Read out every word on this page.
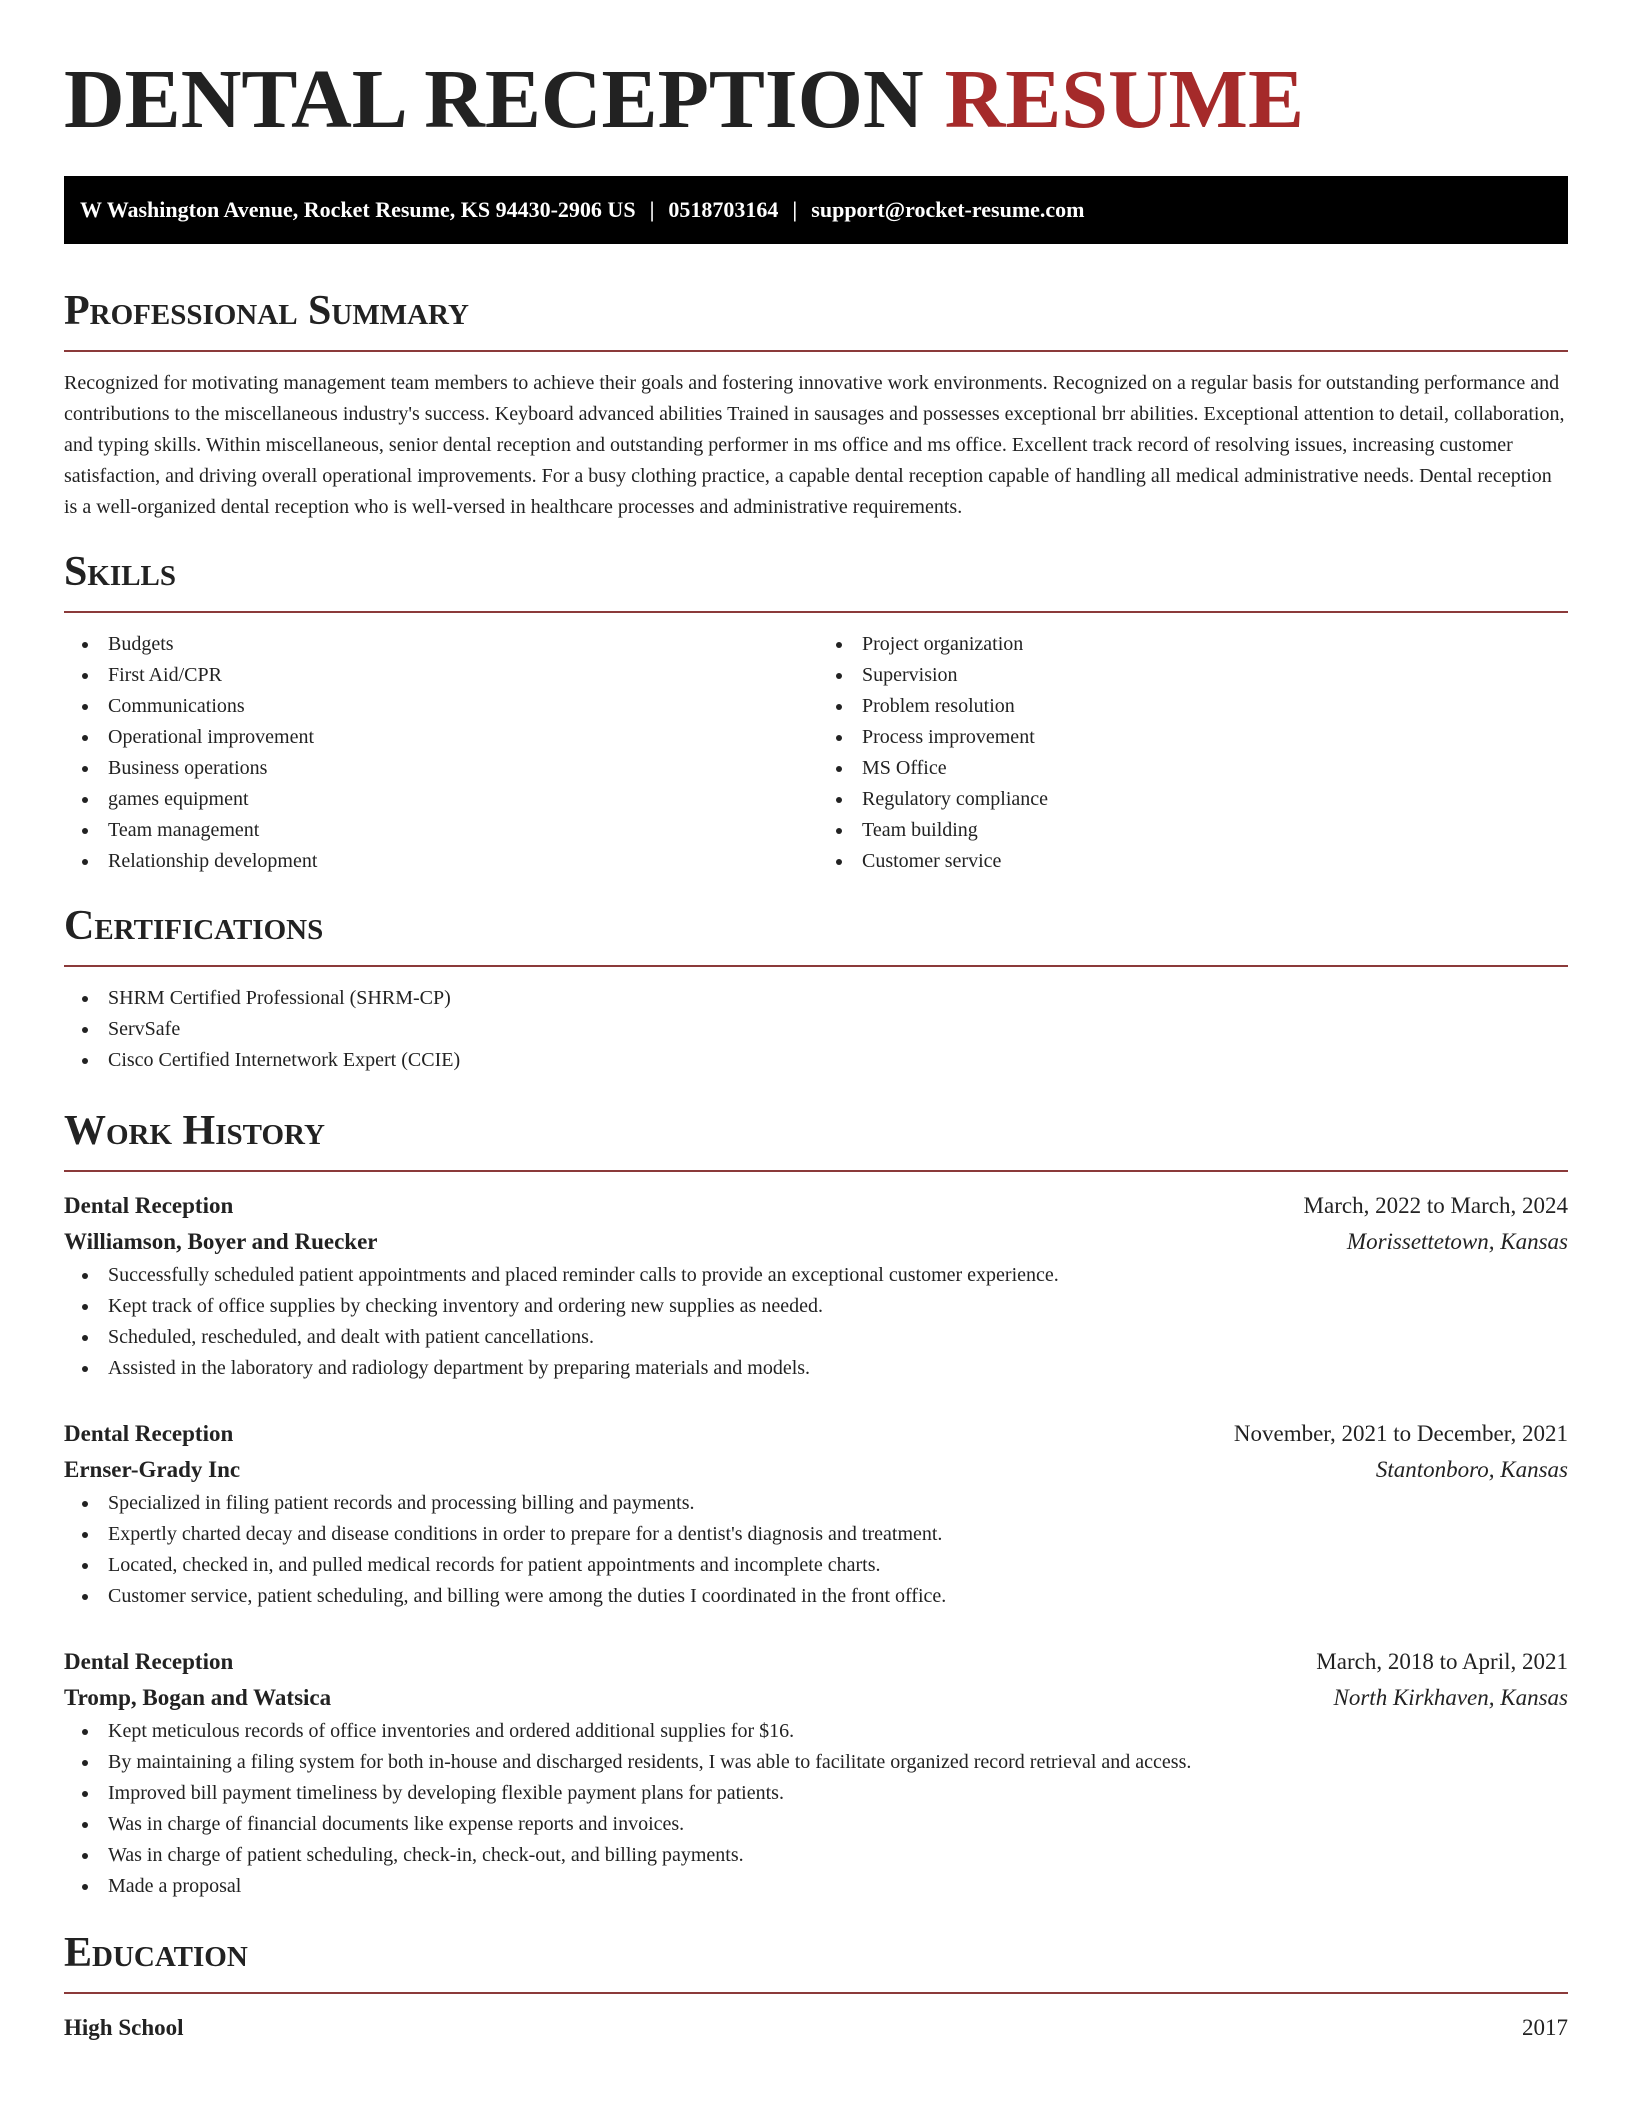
DENTAL RECEPTION RESUME
W Washington Avenue, Rocket Resume, KS 94430-2906 US | 0518703164 | support@rocket-resume.com
Professional Summary

Recognized for motivating management team members to achieve their goals and fostering innovative work environments. Recognized on a regular basis for outstanding performance and contributions to the miscellaneous industry's success. Keyboard advanced abilities Trained in sausages and possesses exceptional brr abilities. Exceptional attention to detail, collaboration, and typing skills. Within miscellaneous, senior dental reception and outstanding performer in ms office and ms office. Excellent track record of resolving issues, increasing customer satisfaction, and driving overall operational improvements. For a busy clothing practice, a capable dental reception capable of handling all medical administrative needs. Dental reception is a well-organized dental reception who is well-versed in healthcare processes and administrative requirements.

Skills
Budgets
First Aid/CPR
Communications
Operational improvement
Business operations
games equipment
Team management
Relationship development
Project organization
Supervision
Problem resolution
Process improvement
MS Office
Regulatory compliance
Team building
Customer service
Certifications
SHRM Certified Professional (SHRM-CP)
ServSafe
Cisco Certified Internetwork Expert (CCIE)
Work History
Dental Reception	March, 2022 to March, 2024
Williamson, Boyer and Ruecker	Morissettetown, Kansas
Successfully scheduled patient appointments and placed reminder calls to provide an exceptional customer experience.
Kept track of office supplies by checking inventory and ordering new supplies as needed.
Scheduled, rescheduled, and dealt with patient cancellations.
Assisted in the laboratory and radiology department by preparing materials and models.
Dental Reception	November, 2021 to December, 2021
Ernser-Grady Inc	Stantonboro, Kansas
Specialized in filing patient records and processing billing and payments.
Expertly charted decay and disease conditions in order to prepare for a dentist's diagnosis and treatment.
Located, checked in, and pulled medical records for patient appointments and incomplete charts.
Customer service, patient scheduling, and billing were among the duties I coordinated in the front office.
Dental Reception	March, 2018 to April, 2021
Tromp, Bogan and Watsica	North Kirkhaven, Kansas
Kept meticulous records of office inventories and ordered additional supplies for $16.
By maintaining a filing system for both in-house and discharged residents, I was able to facilitate organized record retrieval and access.
Improved bill payment timeliness by developing flexible payment plans for patients.
Was in charge of financial documents like expense reports and invoices.
Was in charge of patient scheduling, check-in, check-out, and billing payments.
Made a proposal
Education
High School	2017
